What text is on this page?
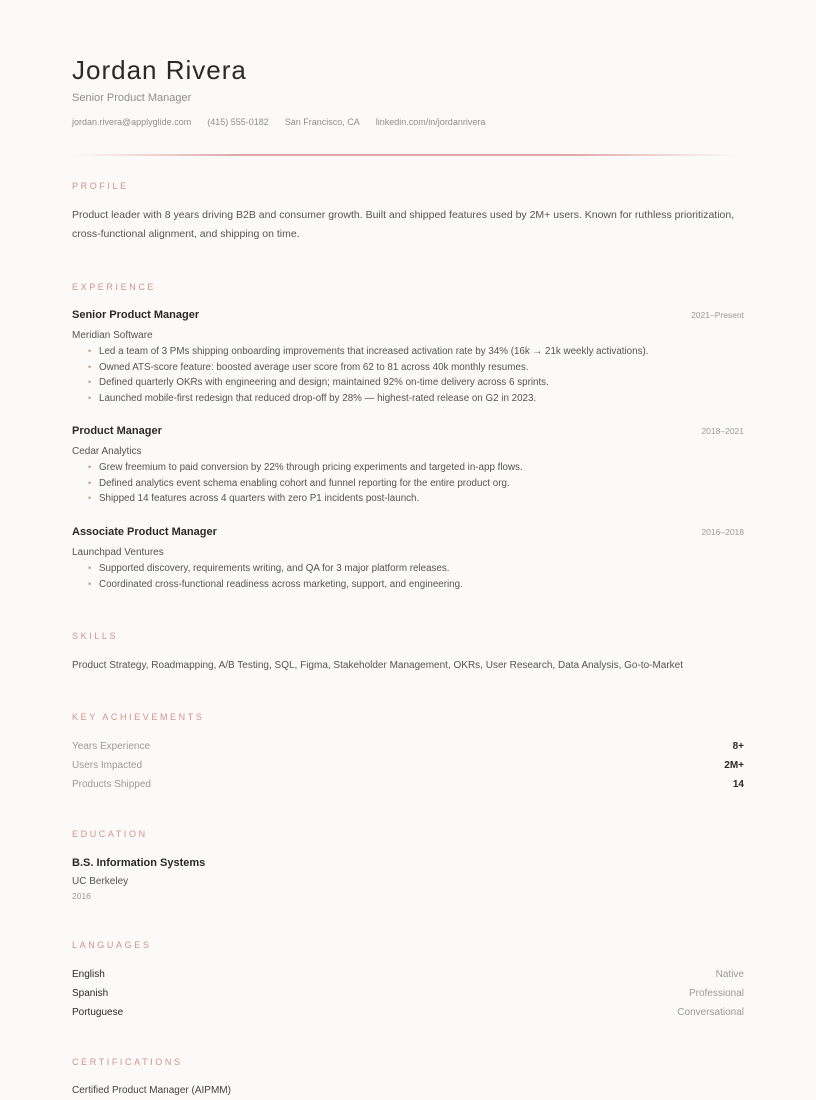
Jordan Rivera
Senior Product Manager
jordan.rivera@applyglide.com (415) 555-0182 San Francisco, CA linkedin.com/in/jordanrivera
PROFILE
Product leader with 8 years driving B2B and consumer growth. Built and shipped features used by 2M+ users. Known for ruthless prioritization, cross-functional alignment, and shipping on time.
EXPERIENCE
Senior Product Manager	2021–Present
Meridian Software
• Led a team of 3 PMs shipping onboarding improvements that increased activation rate by 34% (16k → 21k weekly activations).
• Owned ATS-score feature: boosted average user score from 62 to 81 across 40k monthly resumes.
• Defined quarterly OKRs with engineering and design; maintained 92% on-time delivery across 6 sprints.
• Launched mobile-first redesign that reduced drop-off by 28% — highest-rated release on G2 in 2023.
Product Manager	2018–2021
Cedar Analytics
• Grew freemium to paid conversion by 22% through pricing experiments and targeted in-app flows.
• Defined analytics event schema enabling cohort and funnel reporting for the entire product org.
• Shipped 14 features across 4 quarters with zero P1 incidents post-launch.
Associate Product Manager	2016–2018
Launchpad Ventures
• Supported discovery, requirements writing, and QA for 3 major platform releases.
• Coordinated cross-functional readiness across marketing, support, and engineering.
SKILLS
Product Strategy, Roadmapping, A/B Testing, SQL, Figma, Stakeholder Management, OKRs, User Research, Data Analysis, Go-to-Market
KEY ACHIEVEMENTS
Years Experience	8+
Users Impacted	2M+
Products Shipped	14
EDUCATION
B.S. Information Systems
UC Berkeley
2016
LANGUAGES
English	Native
Spanish	Professional
Portuguese	Conversational
CERTIFICATIONS
Certified Product Manager (AIPMM)
